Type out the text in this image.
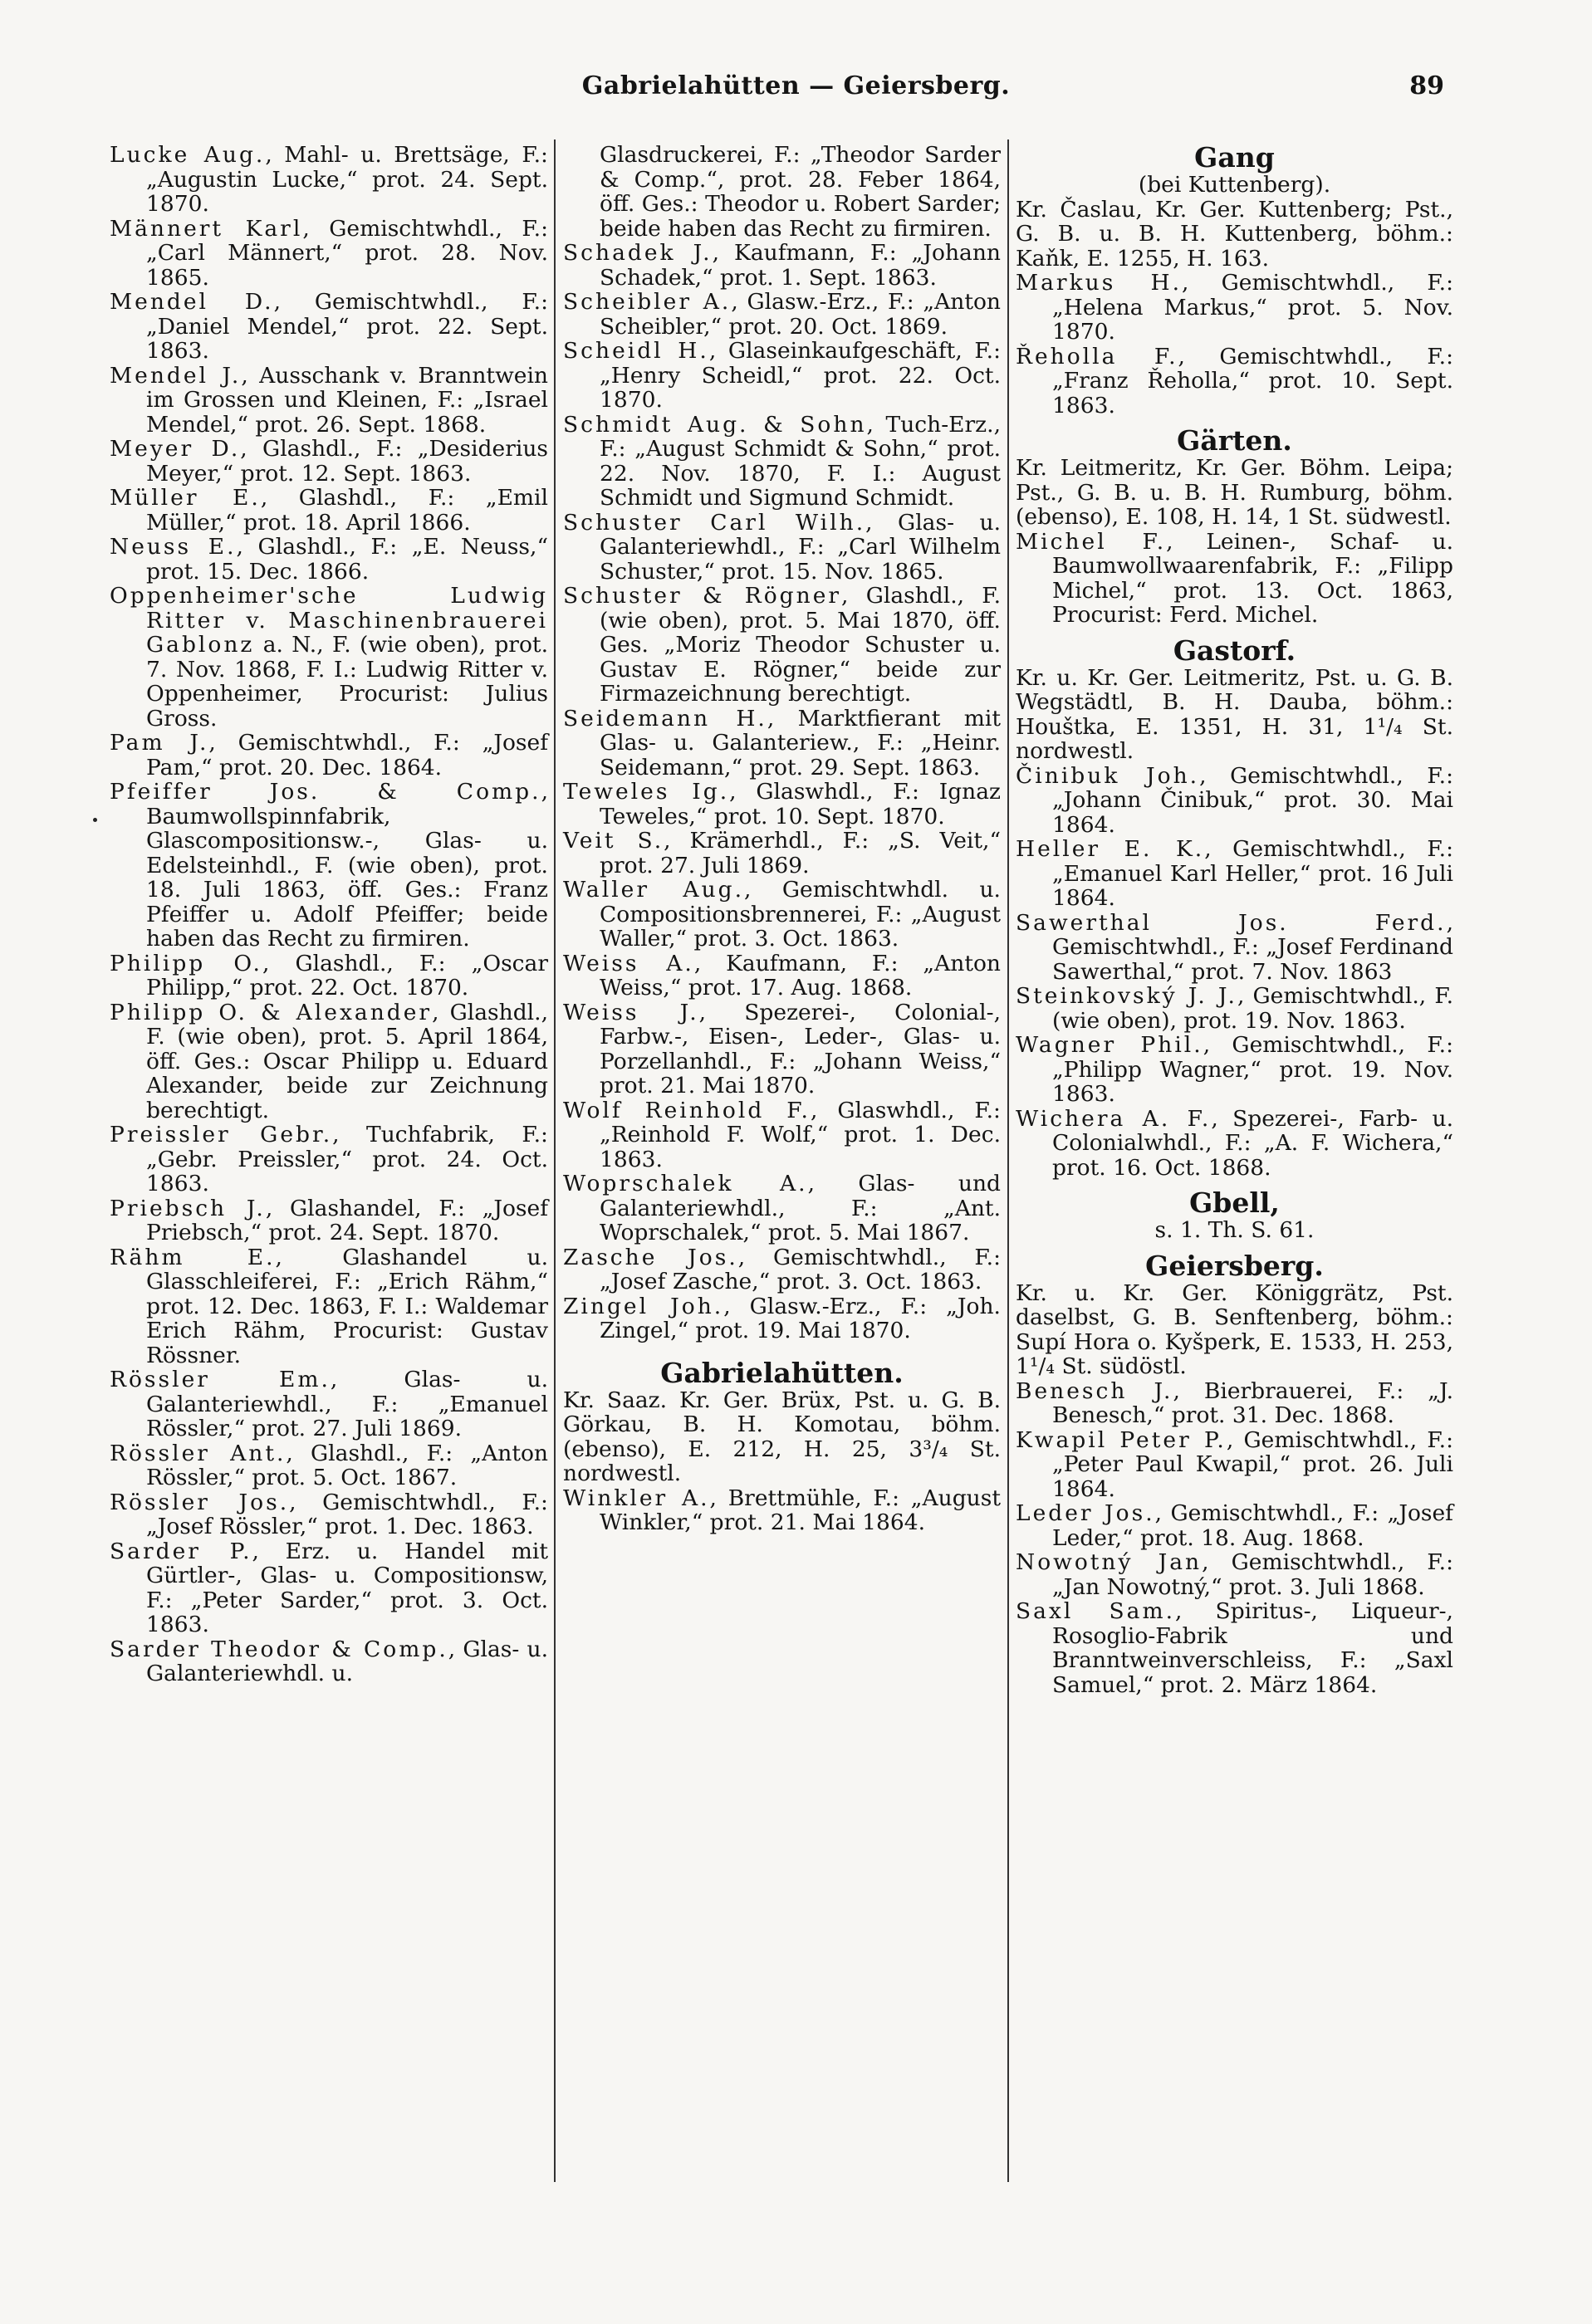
Gabrielahütten — Geiersberg.	89
Lucke Aug., Mahl- u. Brettsäge, F.: „Augustin Lucke,“ prot. 24. Sept. 1870.
Männert Karl, Gemischtwhdl., F.: „Carl Männert,“ prot. 28. Nov. 1865.
Mendel D., Gemischtwhdl., F.: „Daniel Mendel,“ prot. 22. Sept. 1863.
Mendel J., Ausschank v. Branntwein im Grossen und Kleinen, F.: „Israel Mendel,“ prot. 26. Sept. 1868.
Meyer D., Glashdl., F.: „Desiderius Meyer,“ prot. 12. Sept. 1863.
Müller E., Glashdl., F.: „Emil Müller,“ prot. 18. April 1866.
Neuss E., Glashdl., F.: „E. Neuss,“ prot. 15. Dec. 1866.
Oppenheimer'sche Ludwig Ritter v. Maschinenbrauerei Gablonz a. N., F. (wie oben), prot. 7. Nov. 1868, F. I.: Ludwig Ritter v. Oppenheimer, Procurist: Julius Gross.
Pam J., Gemischtwhdl., F.: „Josef Pam,“ prot. 20. Dec. 1864.
Pfeiffer Jos. & Comp., Baumwollspinnfabrik, Glascompositionsw.-, Glas- u. Edelsteinhdl., F. (wie oben), prot. 18. Juli 1863, öff. Ges.: Franz Pfeiffer u. Adolf Pfeiffer; beide haben das Recht zu firmiren.
Philipp O., Glashdl., F.: „Oscar Philipp,“ prot. 22. Oct. 1870.
Philipp O. & Alexander, Glashdl., F. (wie oben), prot. 5. April 1864, öff. Ges.: Oscar Philipp u. Eduard Alexander, beide zur Zeichnung berechtigt.
Preissler Gebr., Tuchfabrik, F.: „Gebr. Preissler,“ prot. 24. Oct. 1863.
Priebsch J., Glashandel, F.: „Josef Priebsch,“ prot. 24. Sept. 1870.
Rähm E., Glashandel u. Glasschleiferei, F.: „Erich Rähm,“ prot. 12. Dec. 1863, F. I.: Waldemar Erich Rähm, Procurist: Gustav Rössner.
Rössler Em., Glas- u. Galanteriewhdl., F.: „Emanuel Rössler,“ prot. 27. Juli 1869.
Rössler Ant., Glashdl., F.: „Anton Rössler,“ prot. 5. Oct. 1867.
Rössler Jos., Gemischtwhdl., F.: „Josef Rössler,“ prot. 1. Dec. 1863.
Sarder P., Erz. u. Handel mit Gürtler-, Glas- u. Compositionsw, F.: „Peter Sarder,“ prot. 3. Oct. 1863.
Sarder Theodor & Comp., Glas- u. Galanteriewhdl. u.
Glasdruckerei, F.: „Theodor Sarder & Comp.“, prot. 28. Feber 1864, öff. Ges.: Theodor u. Robert Sarder; beide haben das Recht zu firmiren.
Schadek J., Kaufmann, F.: „Johann Schadek,“ prot. 1. Sept. 1863.
Scheibler A., Glasw.-Erz., F.: „Anton Scheibler,“ prot. 20. Oct. 1869.
Scheidl H., Glaseinkaufgeschäft, F.: „Henry Scheidl,“ prot. 22. Oct. 1870.
Schmidt Aug. & Sohn, Tuch-Erz., F.: „August Schmidt & Sohn,“ prot. 22. Nov. 1870, F. I.: August Schmidt und Sigmund Schmidt.
Schuster Carl Wilh., Glas- u. Galanteriewhdl., F.: „Carl Wilhelm Schuster,“ prot. 15. Nov. 1865.
Schuster & Rögner, Glashdl., F. (wie oben), prot. 5. Mai 1870, öff. Ges. „Moriz Theodor Schuster u. Gustav E. Rögner,“ beide zur Firmazeichnung berechtigt.
Seidemann H., Marktfierant mit Glas- u. Galanteriew., F.: „Heinr. Seidemann,“ prot. 29. Sept. 1863.
Teweles Ig., Glaswhdl., F.: Ignaz Teweles,“ prot. 10. Sept. 1870.
Veit S., Krämerhdl., F.: „S. Veit,“ prot. 27. Juli 1869.
Waller Aug., Gemischtwhdl. u. Compositionsbrennerei, F.: „August Waller,“ prot. 3. Oct. 1863.
Weiss A., Kaufmann, F.: „Anton Weiss,“ prot. 17. Aug. 1868.
Weiss J., Spezerei-, Colonial-, Farbw.-, Eisen-, Leder-, Glas- u. Porzellanhdl., F.: „Johann Weiss,“ prot. 21. Mai 1870.
Wolf Reinhold F., Glaswhdl., F.: „Reinhold F. Wolf,“ prot. 1. Dec. 1863.
Woprschalek A., Glas- und Galanteriewhdl., F.: „Ant. Woprschalek,“ prot. 5. Mai 1867.
Zasche Jos., Gemischtwhdl., F.: „Josef Zasche,“ prot. 3. Oct. 1863.
Zingel Joh., Glasw.-Erz., F.: „Joh. Zingel,“ prot. 19. Mai 1870.
Gabrielahütten.
Kr. Saaz. Kr. Ger. Brüx, Pst. u. G. B. Görkau, B. H. Komotau, böhm. (ebenso), E. 212, H. 25, 3³/₄ St. nordwestl.
Winkler A., Brettmühle, F.: „August Winkler,“ prot. 21. Mai 1864.
Gang
(bei Kuttenberg).
Kr. Časlau, Kr. Ger. Kuttenberg; Pst., G. B. u. B. H. Kuttenberg, böhm.: Kaňk, E. 1255, H. 163.
Markus H., Gemischtwhdl., F.: „Helena Markus,“ prot. 5. Nov. 1870.
Řeholla F., Gemischtwhdl., F.: „Franz Řeholla,“ prot. 10. Sept. 1863.
Gärten.
Kr. Leitmeritz, Kr. Ger. Böhm. Leipa; Pst., G. B. u. B. H. Rumburg, böhm. (ebenso), E. 108, H. 14, 1 St. südwestl.
Michel F., Leinen-, Schaf- u. Baumwollwaarenfabrik, F.: „Filipp Michel,“ prot. 13. Oct. 1863, Procurist: Ferd. Michel.
Gastorf.
Kr. u. Kr. Ger. Leitmeritz, Pst. u. G. B. Wegstädtl, B. H. Dauba, böhm.: Houštka, E. 1351, H. 31, 1¹/₄ St. nordwestl.
Činibuk Joh., Gemischtwhdl., F.: „Johann Činibuk,“ prot. 30. Mai 1864.
Heller E. K., Gemischtwhdl., F.: „Emanuel Karl Heller,“ prot. 16 Juli 1864.
Sawerthal Jos. Ferd., Gemischtwhdl., F.: „Josef Ferdinand Sawerthal,“ prot. 7. Nov. 1863
Steinkovský J. J., Gemischtwhdl., F. (wie oben), prot. 19. Nov. 1863.
Wagner Phil., Gemischtwhdl., F.: „Philipp Wagner,“ prot. 19. Nov. 1863.
Wichera A. F., Spezerei-, Farb- u. Colonialwhdl., F.: „A. F. Wichera,“ prot. 16. Oct. 1868.
Gbell,
s. 1. Th. S. 61.
Geiersberg.
Kr. u. Kr. Ger. Königgrätz, Pst. daselbst, G. B. Senftenberg, böhm.: Supí Hora o. Kyšperk, E. 1533, H. 253, 1¹/₄ St. südöstl.
Benesch J., Bierbrauerei, F.: „J. Benesch,“ prot. 31. Dec. 1868.
Kwapil Peter P., Gemischtwhdl., F.: „Peter Paul Kwapil,“ prot. 26. Juli 1864.
Leder Jos., Gemischtwhdl., F.: „Josef Leder,“ prot. 18. Aug. 1868.
Nowotný Jan, Gemischtwhdl., F.: „Jan Nowotný,“ prot. 3. Juli 1868.
Saxl Sam., Spiritus-, Liqueur-, Rosoglio-Fabrik und Branntweinverschleiss, F.: „Saxl Samuel,“ prot. 2. März 1864.
